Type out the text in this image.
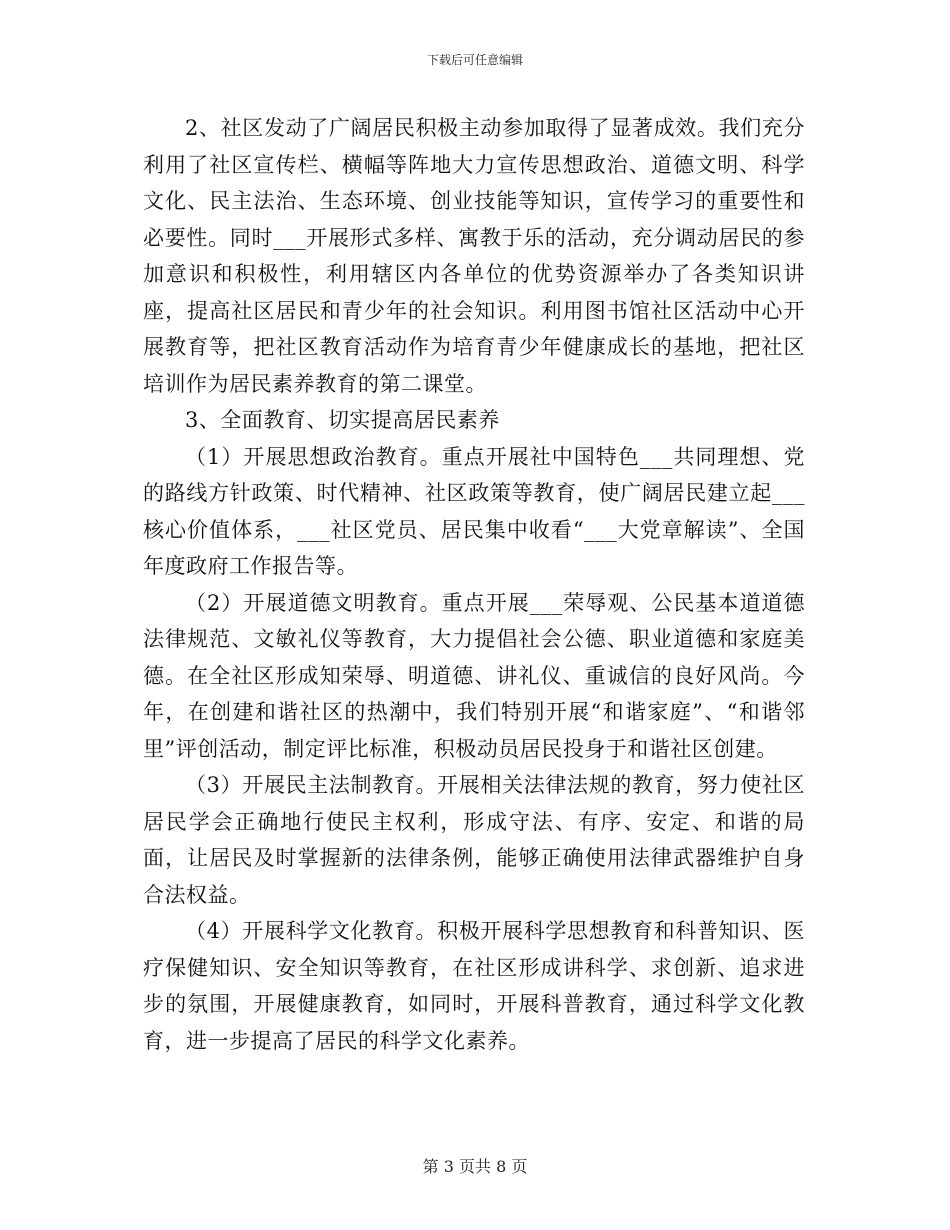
下载后可任意编辑

2、社区发动了广阔居民积极主动参加取得了显著成效。我们充分利用了社区宣传栏、横幅等阵地大力宣传思想政治、道德文明、科学文化、民主法治、生态环境、创业技能等知识，宣传学习的重要性和必要性。同时___开展形式多样、寓教于乐的活动，充分调动居民的参加意识和积极性，利用辖区内各单位的优势资源举办了各类知识讲座，提高社区居民和青少年的社会知识。利用图书馆社区活动中心开展教育等，把社区教育活动作为培育青少年健康成长的基地，把社区培训作为居民素养教育的第二课堂。

3、全面教育、切实提高居民素养

（1）开展思想政治教育。重点开展社中国特色___共同理想、党的路线方针政策、时代精神、社区政策等教育，使广阔居民建立起___核心价值体系，___社区党员、居民集中收看“___大党章解读”、全国年度政府工作报告等。

（2）开展道德文明教育。重点开展___荣辱观、公民基本道道德法律规范、文敏礼仪等教育，大力提倡社会公德、职业道德和家庭美德。在全社区形成知荣辱、明道德、讲礼仪、重诚信的良好风尚。今年，在创建和谐社区的热潮中，我们特别开展“和谐家庭”、“和谐邻里”评创活动，制定评比标准，积极动员居民投身于和谐社区创建。

（3）开展民主法制教育。开展相关法律法规的教育，努力使社区居民学会正确地行使民主权利，形成守法、有序、安定、和谐的局面，让居民及时掌握新的法律条例，能够正确使用法律武器维护自身合法权益。

（4）开展科学文化教育。积极开展科学思想教育和科普知识、医疗保健知识、安全知识等教育，在社区形成讲科学、求创新、追求进步的氛围，开展健康教育，如同时，开展科普教育，通过科学文化教育，进一步提高了居民的科学文化素养。

第 3 页共 8 页
